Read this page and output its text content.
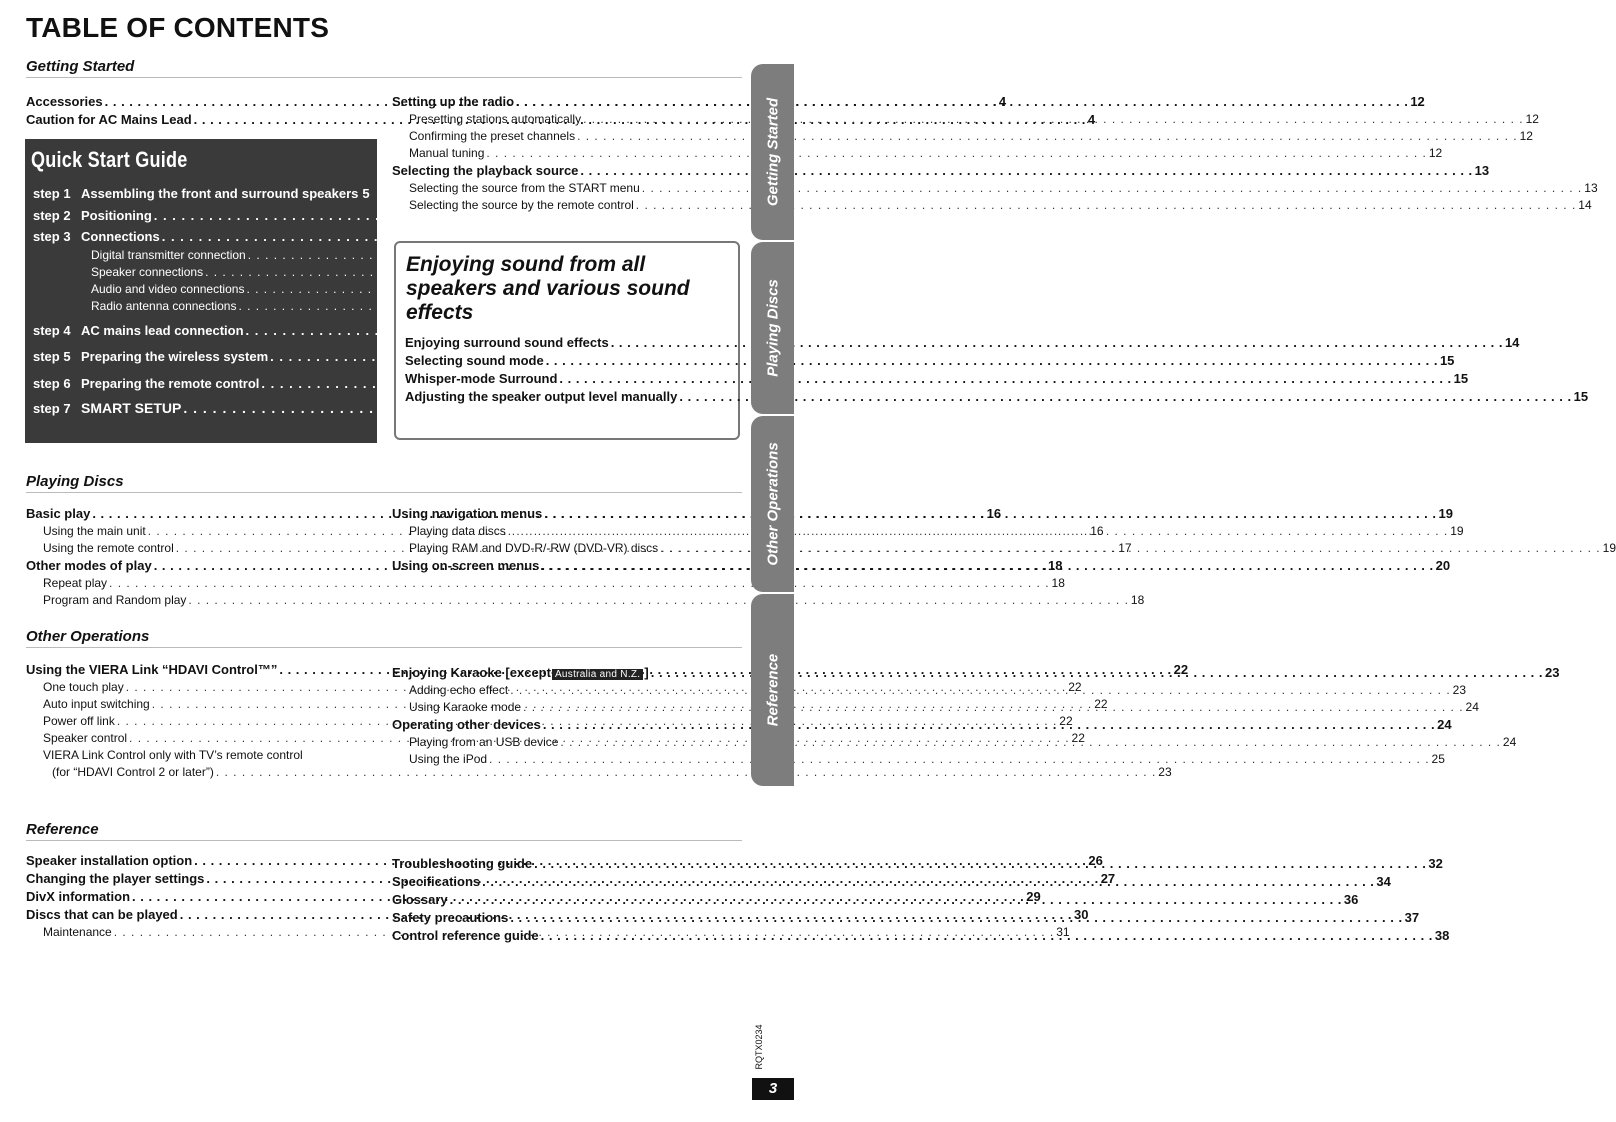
TABLE OF CONTENTS
Getting Started
Playing Discs
Other Operations
Reference
Accessories . . .	4
Caution for AC Mains Lead . . .	4
Quick Start Guide
step 1 Assembling the front and surround speakers 5
step 2 Positioning . . .	6
step 3 Connections . . .	7
Digital transmitter connection . . .	7
Speaker connections . . .	7
Audio and video connections . . .	8
Radio antenna connections . . .	9
step 4 AC mains lead connection . . .	10
step 5 Preparing the wireless system . . .	10
step 6 Preparing the remote control . . .	10
step 7 SMART SETUP . . .	11
Setting up the radio . . .	12
Presetting stations automatically . . .	12
Confirming the preset channels . . .	12
Manual tuning . . .	12
Selecting the playback source . . .	13
Selecting the source from the START menu . . .	13
Selecting the source by the remote control . . .	14
Enjoying sound from all speakers and various sound effects
Enjoying surround sound effects . . .	14
Selecting sound mode . . .	15
Whisper-mode Surround . . .	15
Adjusting the speaker output level manually . . .	15
Basic play . . .	16
Using the main unit . . .	16
Using the remote control . . .	17
Other modes of play . . .	18
Repeat play . . .	18
Program and Random play . . .	18
Using navigation menus . . .	19
Playing data discs . . .	19
Playing RAM and DVD-R/-RW (DVD-VR) discs . . .	19
Using on-screen menus . . .	20
Using the VIERA Link “HDAVI Control™” . . .	22
One touch play . . .	22
Auto input switching . . .	22
Power off link . . .	22
Speaker control . . .	22
VIERA Link Control only with TV’s remote control
(for “HDAVI Control 2 or later”) . . .	23
Enjoying Karaoke [except Australia and N.Z. ] . . .	23
Adding echo effect . . .	23
Using Karaoke mode . . .	24
Operating other devices . . .	24
Playing from an USB device . . .	24
Using the iPod . . .	25
Speaker installation option . . .	26
Changing the player settings . . .	27
DivX information . . .	29
Discs that can be played . . .	30
Maintenance . . .	31
Troubleshooting guide . . .	32
Specifications . . .	34
Glossary . . .	36
Safety precautions . . .	37
Control reference guide . . .	38
Getting Started
Playing Discs
Other Operations
Reference
RQTX0234
3
